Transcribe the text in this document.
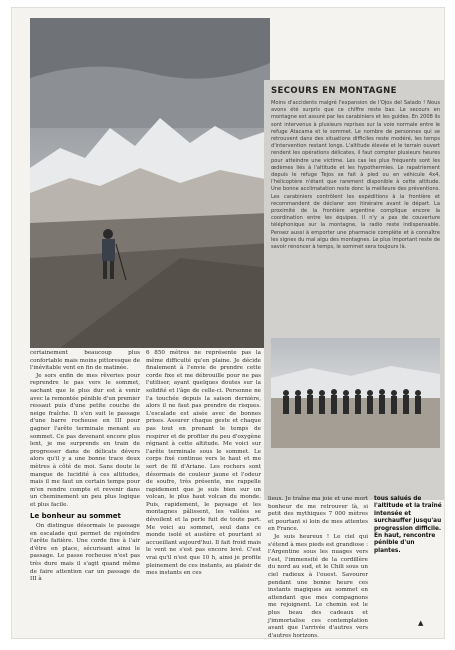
SECOURS EN MONTAGNE
Moins d'accidents malgré l'expansion de l'Ojos del Salado ! Nous avons été surpris que ce chiffre reste bas. Le secours en montagne est assuré par les carabiniers et les guides. En 2008 ils sont intervenus à plusieurs reprises sur la voie normale entre le refuge Atacama et le sommet. Le nombre de personnes qui se retrouvent dans des situations difficiles reste modéré, les temps d'intervention restant longs. L'altitude élevée et le terrain ouvert rendent les opérations délicates, il faut compter plusieurs heures pour atteindre une victime. Les cas les plus fréquents sont les œdèmes liés à l'altitude et les hypothermies. Le rapatriement depuis le refuge Tejos se fait à pied ou en véhicule 4x4, l'hélicoptère n'étant que rarement disponible à cette altitude. Une bonne acclimatation reste donc la meilleure des préventions. Les carabiniers contrôlent les expéditions à la frontière et recommandent de déclarer son itinéraire avant le départ. La proximité de la frontière argentine complique encore la coordination entre les équipes. Il n'y a pas de couverture téléphonique sur la montagne, la radio reste indispensable. Pensez aussi à emporter une pharmacie complète et à connaître les signes du mal aigu des montagnes. Le plus important reste de savoir renoncer à temps, le sommet sera toujours là.

certainement beaucoup plus confortable mais moins pittoresque de l'inévitable vent en fin de matinée.

Je sors enfin de mes rêveries pour reprendre le pas vers le sommet, sachant que le plus dur est à venir avec la remontée pénible d'un premier ressaut puis d'une petite couche de neige fraîche. Il s'en suit le passage d'une barre rocheuse en III pour gagner l'arête terminale menant au sommet. Ce pas devenant encore plus lent, je me surprends en train de progresser dans de délicats dévers alors qu'il y a une bonne trace deux mètres à côté de moi. Sans doute le manque de lucidité à ces altitudes, mais il me faut un certain temps pour m'en rendre compte et revenir dans un cheminement un peu plus logique et plus facile.

Le bonheur au sommet

On distingue désormais le passage en escalade qui permet de rejoindre l'arête faitière. Une corde fixe à l'air d'être en place, sécurisant ainsi le passage. Le passe rocheuse n'est pas très dure mais il s'agit quand même de faire attention car un passage de III à

6 850 mètres ne représente pas la même difficulté qu'en plaine. Je décide finalement à l'envie de prendre cette corde fixe et me débrouille pour ne pas l'utiliser, ayant quelques doutes sur la solidité et l'âge de celle-ci. Personne ne l'a touchée depuis la saison dernière, alors il ne faut pas prendre de risques. L'escalade est aisée avec de bonnes prises. Assurer chaque geste et chaque pas tout en prenant le temps de respirer et de profiter du peu d'oxygène régnant à cette altitude. Me voici sur l'arête terminale sous le sommet. Le corps fixé continue vers le haut et me sert de fil d'Ariane. Les rochers sont désormais de couleur jaune et l'odeur de soufre, très présente, me rappelle rapidement que je suis bien sur un volcan, le plus haut volcan du monde. Puis, rapidement, le paysage et les montagnes pâlissent, les vallées se dévoilent et la perle fuit de toute part. Me voici au sommet, seul dans ce monde isolé et austère et pourtant si accueillant aujourd'hui. Il fait froid mais le vent ne s'est pas encore levé. C'est vrai qu'il n'est que 10 h, ainsi je profite pleinement de ces instants, au plaisir de mes instants en ces

lieux. Je traîne ma joie et une mort bonheur de me retrouver là, si petit des mythiques 7 000 mètres et pourtant si loin de mes attentes en France.

Je suis heureux ! Le ciel qui s'étend à mes pieds est grandiose : l'Argentine sous les nuages vers l'est, l'immensité de la cordillère du nord au sud, et le Chili sous un ciel radieux à l'ouest. Savourer pendant une bonne heure ces instants magiques au sommet en attendant que mes compagnons me rejoignent. Le chemin est le plus beau des cadeaux et j'immortalise ces contemplation avant que l'arrivée d'autres vers d'autres horizons.

tous salués de l'altitude et la traîné intensée et surchauffer jusqu'au progression difficile. En haut, rencontre pénible d'un plantes.
▲
